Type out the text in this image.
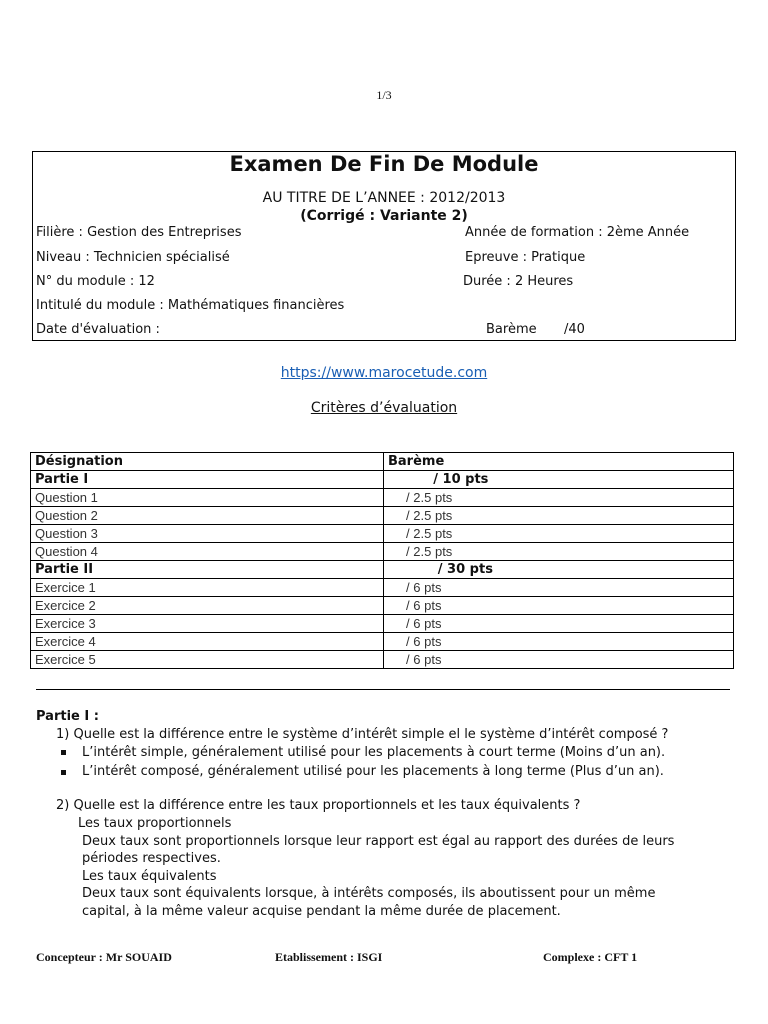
1/3
Examen De Fin De Module
AU TITRE DE L’ANNEE : 2012/2013
(Corrigé : Variante 2)
Filière : Gestion des Entreprises	Année de formation : 2ème Année
Niveau : Technicien spécialisé	Epreuve : Pratique
N° du module : 12	Durée : 2 Heures
Intitulé du module : Mathématiques financières
Date d'évaluation :	Barème /40
https://www.marocetude.com
Critères d’évaluation
Désignation	Barème
Partie I	/ 10 pts
Question 1	/ 2.5 pts
Question 2	/ 2.5 pts
Question 3	/ 2.5 pts
Question 4	/ 2.5 pts
Partie II	/ 30 pts
Exercice 1	/ 6 pts
Exercice 2	/ 6 pts
Exercice 3	/ 6 pts
Exercice 4	/ 6 pts
Exercice 5	/ 6 pts
Partie I :
1) Quelle est la différence entre le système d’intérêt simple el le système d’intérêt composé ?
L’intérêt simple, généralement utilisé pour les placements à court terme (Moins d’un an).
L’intérêt composé, généralement utilisé pour les placements à long terme (Plus d’un an).
2) Quelle est la différence entre les taux proportionnels et les taux équivalents ?
Les taux proportionnels
Deux taux sont proportionnels lorsque leur rapport est égal au rapport des durées de leurs
périodes respectives.
Les taux équivalents
Deux taux sont équivalents lorsque, à intérêts composés, ils aboutissent pour un même
capital, à la même valeur acquise pendant la même durée de placement.
Concepteur : Mr SOUAID	Etablissement : ISGI	Complexe : CFT 1
